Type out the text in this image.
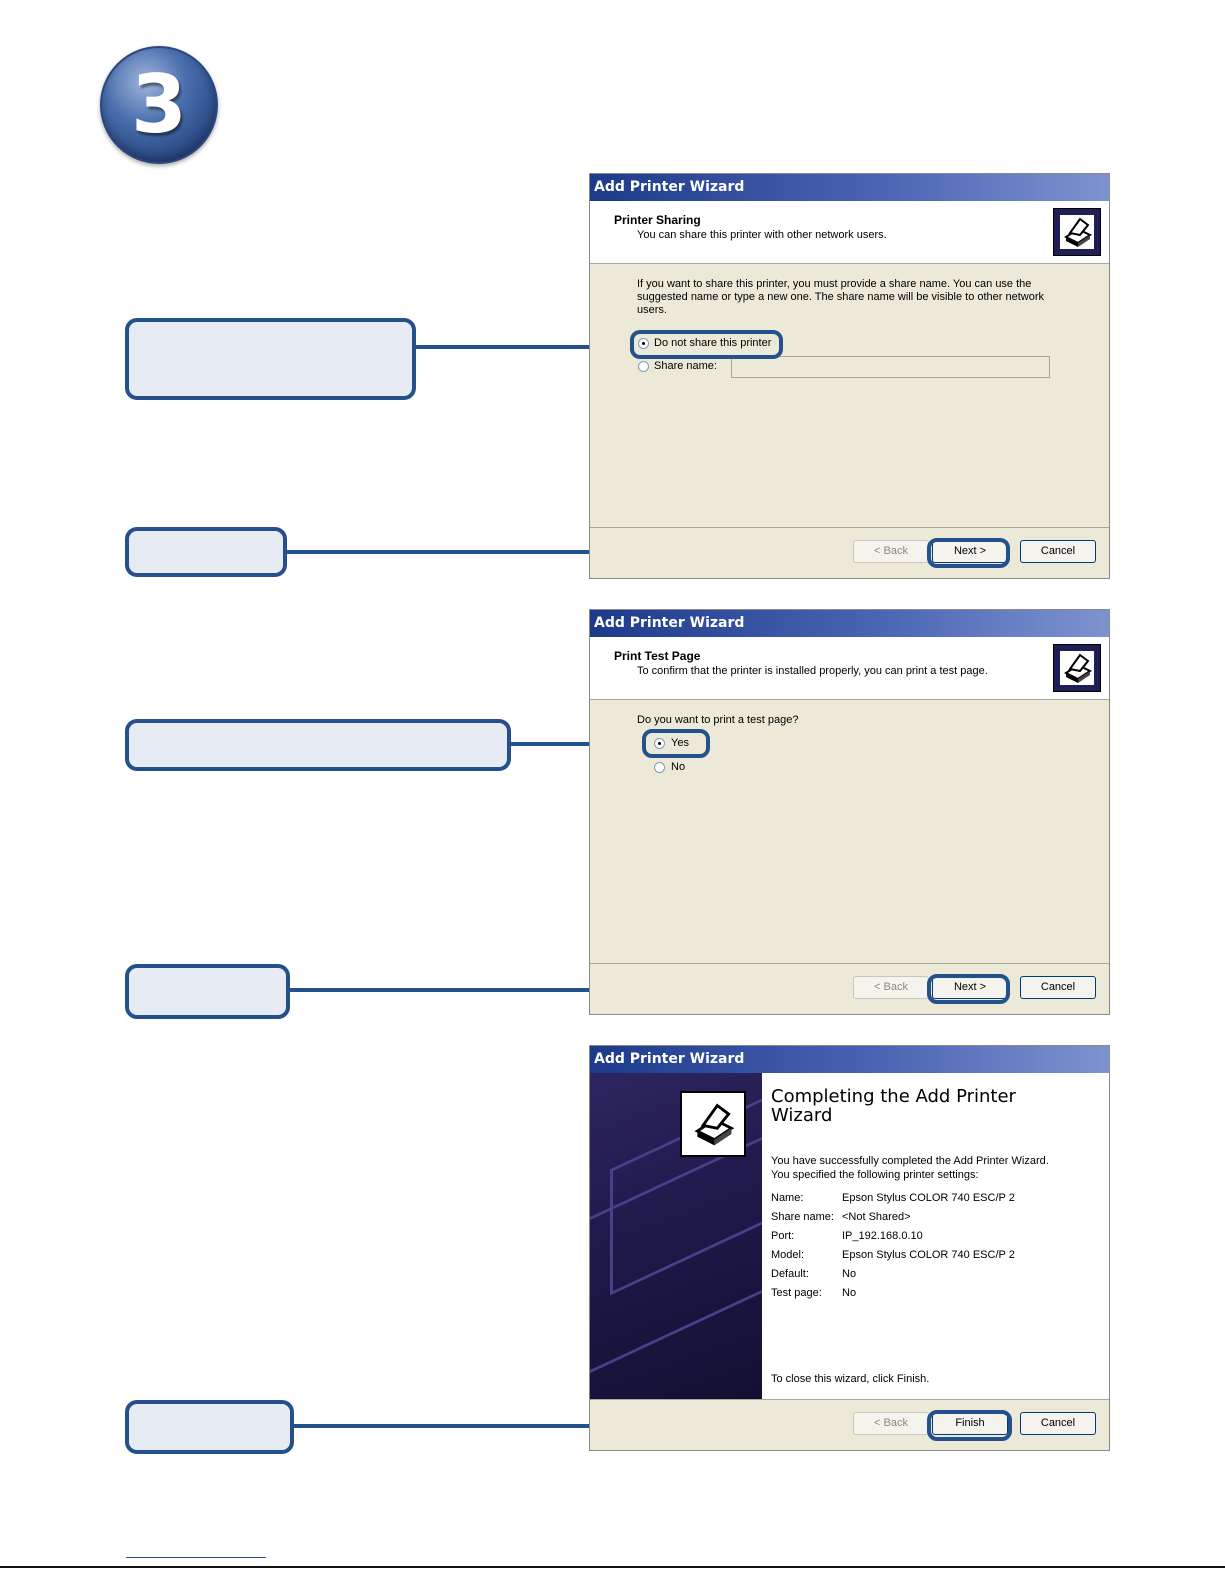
3
Add Printer Wizard
Printer Sharing
You can share this printer with other network users.
If you want to share this printer, you must provide a share name. You can use the suggested name or type a new one. The share name will be visible to other network users.
Do not share this printer
Share name:
< Back	Next >	Cancel
Add Printer Wizard
Print Test Page
To confirm that the printer is installed properly, you can print a test page.
Do you want to print a test page?
Yes
No
< Back	Next >	Cancel
Add Printer Wizard
Completing the Add Printer Wizard
You have successfully completed the Add Printer Wizard.
You specified the following printer settings:
Name:	Epson Stylus COLOR 740 ESC/P 2
Share name: <Not Shared>
Port:	IP_192.168.0.10
Model:	Epson Stylus COLOR 740 ESC/P 2
Default:	No
Test page: No
To close this wizard, click Finish.
< Back	Finish	Cancel
